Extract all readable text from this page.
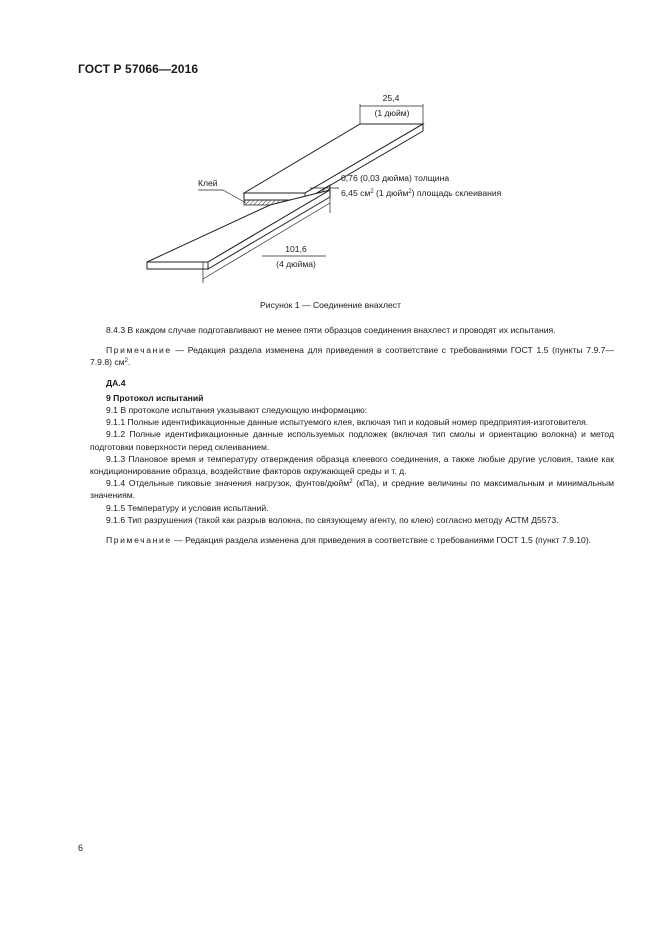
ГОСТ Р 57066—2016
25,4
(1 дюйм)
Клей	0,76 (0,03 дюйма) толщина
6,45 $см^2$ (1 дюйм$^2$) площадь склеивания
101,6
(4 дюйма)
Рисунок 1 — Соединение внахлест

8.4.3 В каждом случае подготавливают не менее пяти образцов соединения внахлест и проводят их испытания.

Примечание — Редакция раздела изменена для приведения в соответствие с требованиями ГОСТ 1.5 (пункты 7.9.7—7.9.8) $см^2$.

ДА.4

9 Протокол испытаний

9.1 В протоколе испытания указывают следующую информацию:

9.1.1 Полные идентификационные данные испытуемого клея, включая тип и кодовый номер предприятия-изготовителя.

9.1.2 Полные идентификационные данные используемых подложек (включая тип смолы и ориентацию волокна) и метод подготовки поверхности перед склеиванием.

9.1.3 Плановое время и температуру отверждения образца клеевого соединения, а также любые другие условия, такие как кондиционирование образца, воздействие факторов окружающей среды и т. д.

9.1.4 Отдельные пиковые значения нагрузок, фунтов/дюйм$^2$ (кПа), и средние величины по максимальным и минимальным значениям.

9.1.5 Температуру и условия испытаний.

9.1.6 Тип разрушения (такой как разрыв волокна, по связующему агенту, по клею) согласно методу АСТМ Д5573.

Примечание — Редакция раздела изменена для приведения в соответствие с требованиями ГОСТ 1.5 (пункт 7.9.10).

6
